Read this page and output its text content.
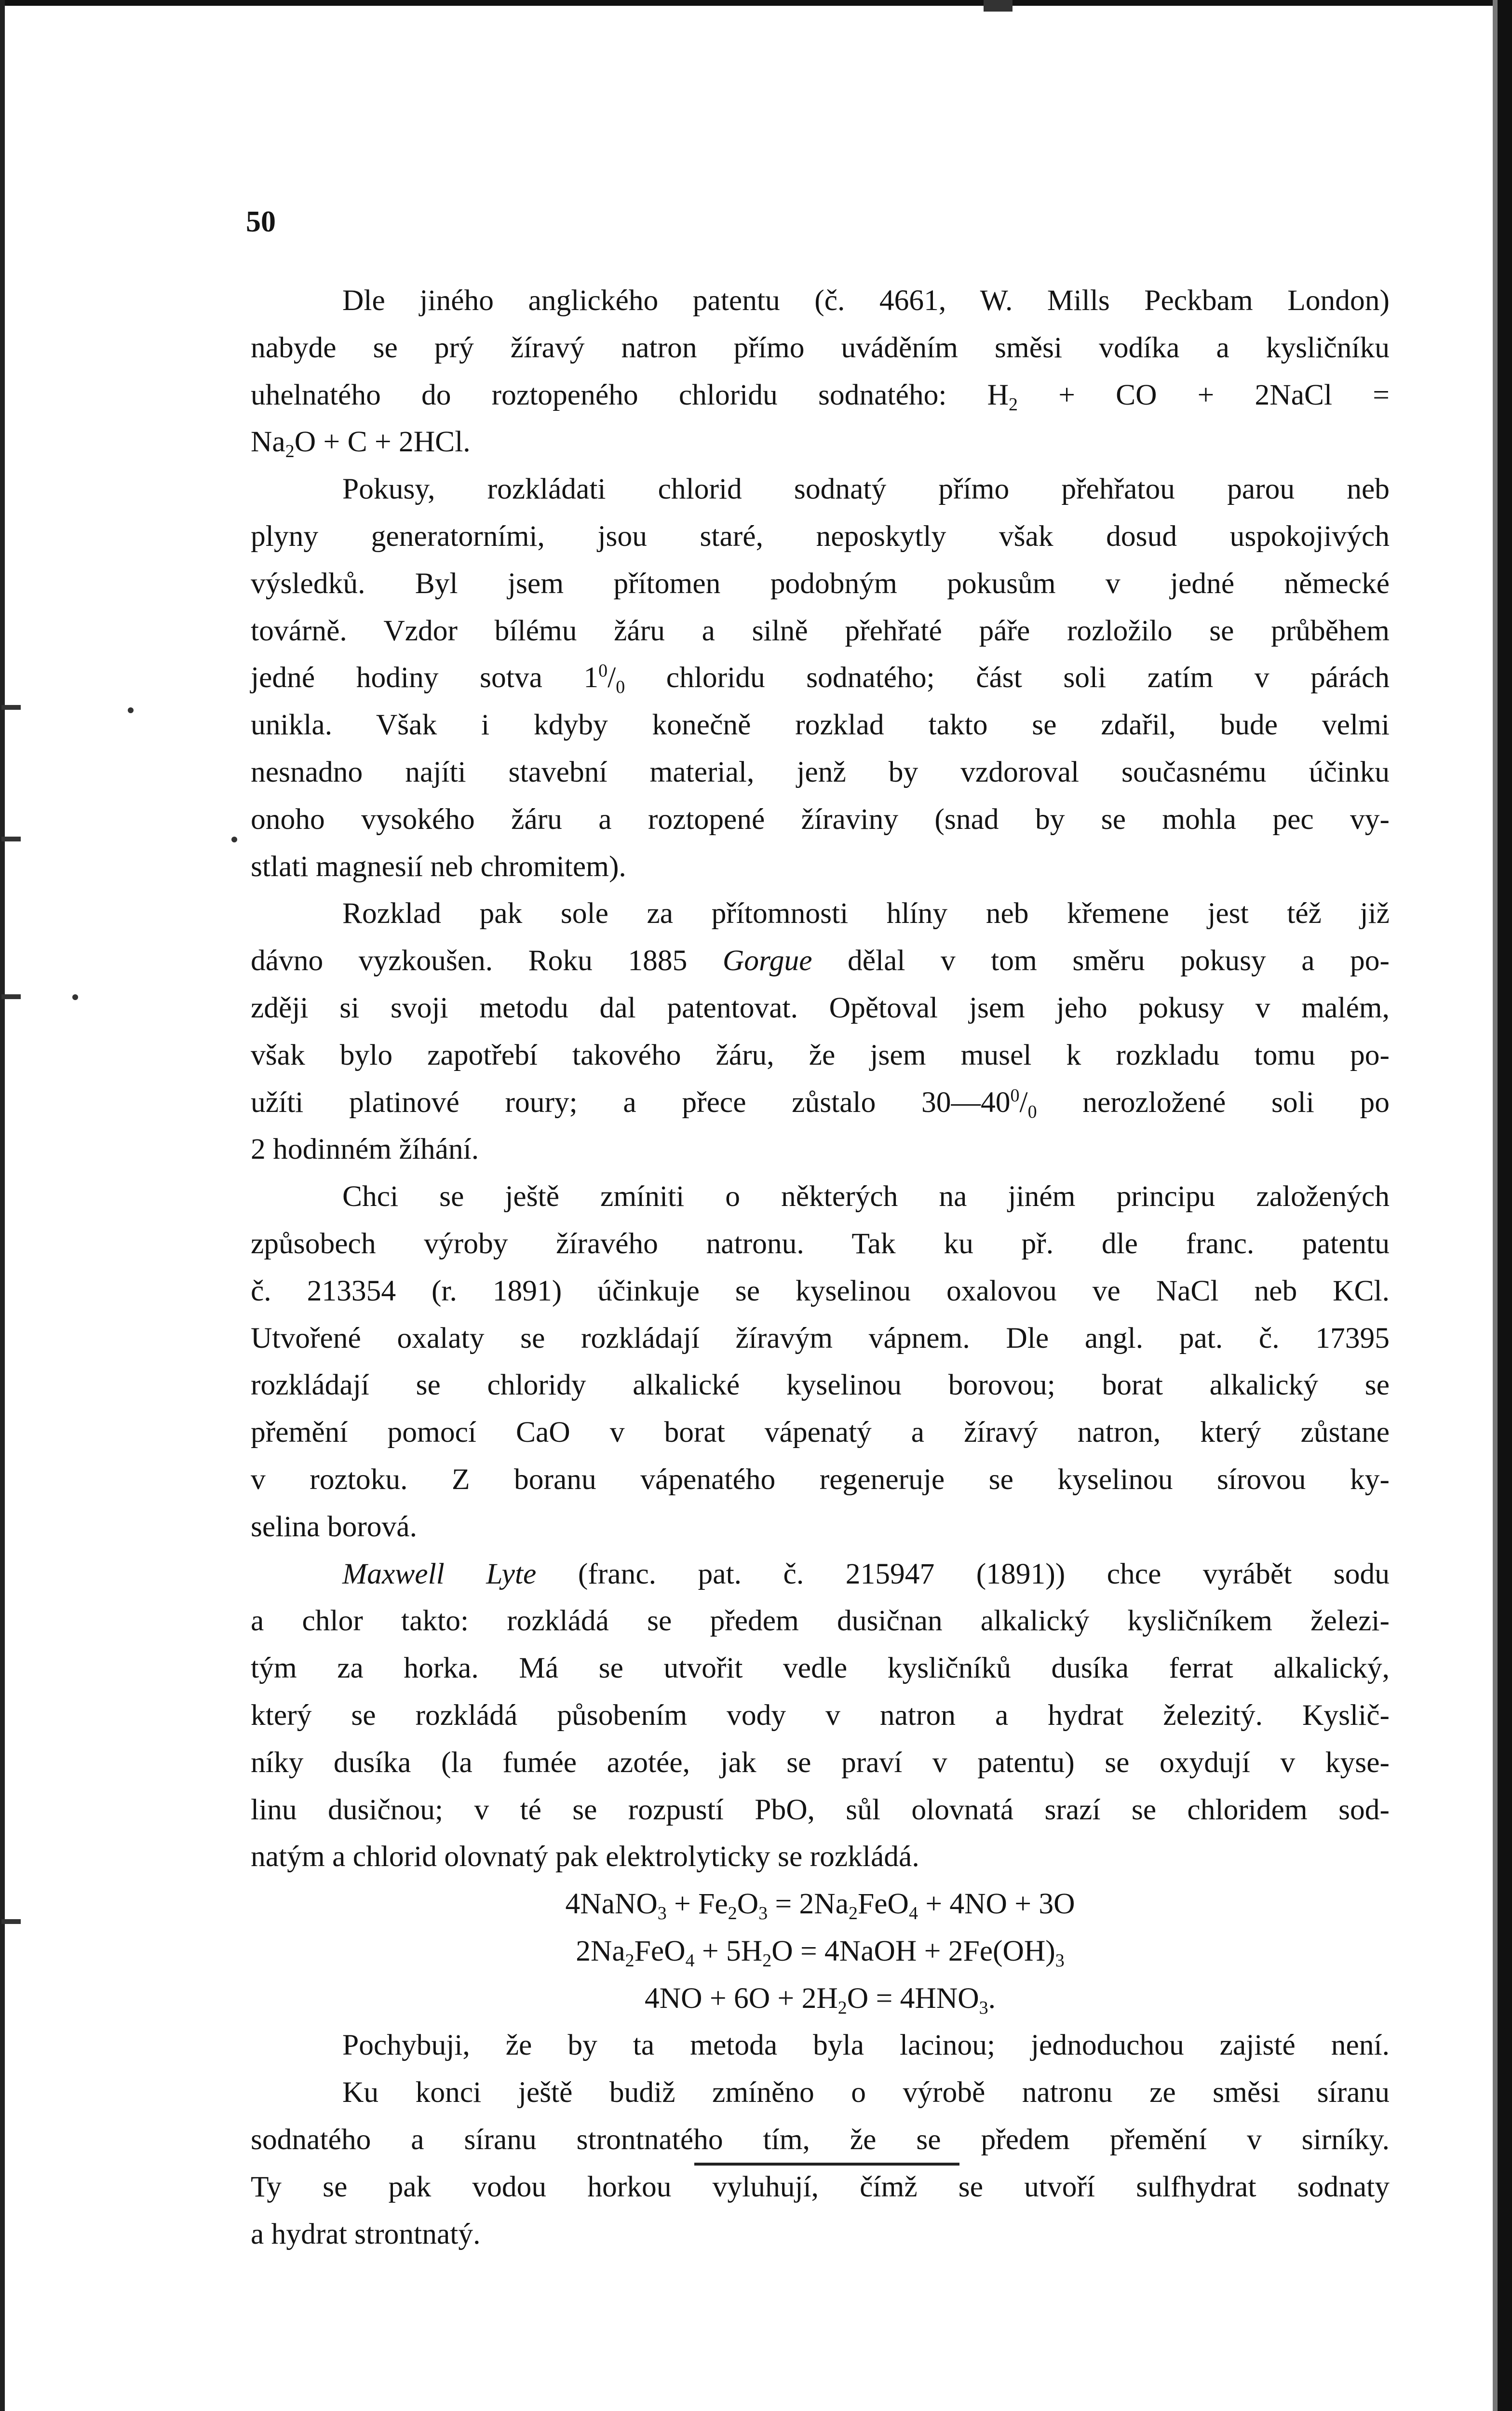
50
Dle jiného anglického patentu (č. 4661, W. Mills Peckbam London)
nabyde se prý žíravý natron přímo uváděním směsi vodíka a kysličníku
uhelnatého do roztopeného chloridu sodnatého: $H_2$ + CO + 2NaCl =
$Na_2O + C + 2HCl$.
Pokusy, rozkládati chlorid sodnatý přímo přehřatou parou neb
plyny generatorními, jsou staré, neposkytly však dosud uspokojivých
výsledků. Byl jsem přítomen podobným pokusům v jedné německé
továrně. Vzdor bílému žáru a silně přehřaté páře rozložilo se průběhem
jedné hodiny sotva $1^0/_0$ chloridu sodnatého; část soli zatím v párách
unikla. Však i kdyby konečně rozklad takto se zdařil, bude velmi
nesnadno najíti stavební material, jenž by vzdoroval současnému účinku
onoho vysokého žáru a roztopené žíraviny (snad by se mohla pec vy-
stlati magnesií neb chromitem).
Rozklad pak sole za přítomnosti hlíny neb křemene jest též již
dávno vyzkoušen. Roku 1885 Gorgue dělal v tom směru pokusy a po-
zději si svoji metodu dal patentovat. Opětoval jsem jeho pokusy v malém,
však bylo zapotřebí takového žáru, že jsem musel k rozkladu tomu po-
užíti platinové roury; a přece zůstalo $30—40^0/_0$ nerozložené soli po
2 hodinném žíhání.
Chci se ještě zmíniti o některých na jiném principu založených
způsobech výroby žíravého natronu. Tak ku př. dle franc. patentu
č. 213354 (r. 1891) účinkuje se kyselinou oxalovou ve NaCl neb KCl.
Utvořené oxalaty se rozkládají žíravým vápnem. Dle angl. pat. č. 17395
rozkládají se chloridy alkalické kyselinou borovou; borat alkalický se
přemění pomocí CaO v borat vápenatý a žíravý natron, který zůstane
v roztoku. Z boranu vápenatého regeneruje se kyselinou sírovou ky-
selina borová.
Maxwell Lyte (franc. pat. č. 215947 (1891)) chce vyrábět sodu
a chlor takto: rozkládá se předem dusičnan alkalický kysličníkem železi-
tým za horka. Má se utvořit vedle kysličníků dusíka ferrat alkalický,
který se rozkládá působením vody v natron a hydrat železitý. Kyslič-
níky dusíka (la fumée azotée, jak se praví v patentu) se oxydují v kyse-
linu dusičnou; v té se rozpustí PbO, sůl olovnatá srazí se chloridem sod-
natým a chlorid olovnatý pak elektrolyticky se rozkládá.
4NaNO$_3$ + $Fe_2O_3 = 2Na_2FeO_4 + 4NO + 3O$
$2Na_2FeO_4 + 5H_2O$ = 4NaOH + $2Fe(OH)_3$
$4NO + 6O + 2H_2O = 4HNO_3$.
Pochybuji, že by ta metoda byla lacinou; jednoduchou zajisté není.
Ku konci ještě budiž zmíněno o výrobě natronu ze směsi síranu
sodnatého a síranu strontnatého tím, že se předem přemění v sirníky.
Ty se pak vodou horkou vyluhují, čímž se utvoří sulfhydrat sodnaty
a hydrat strontnatý.
